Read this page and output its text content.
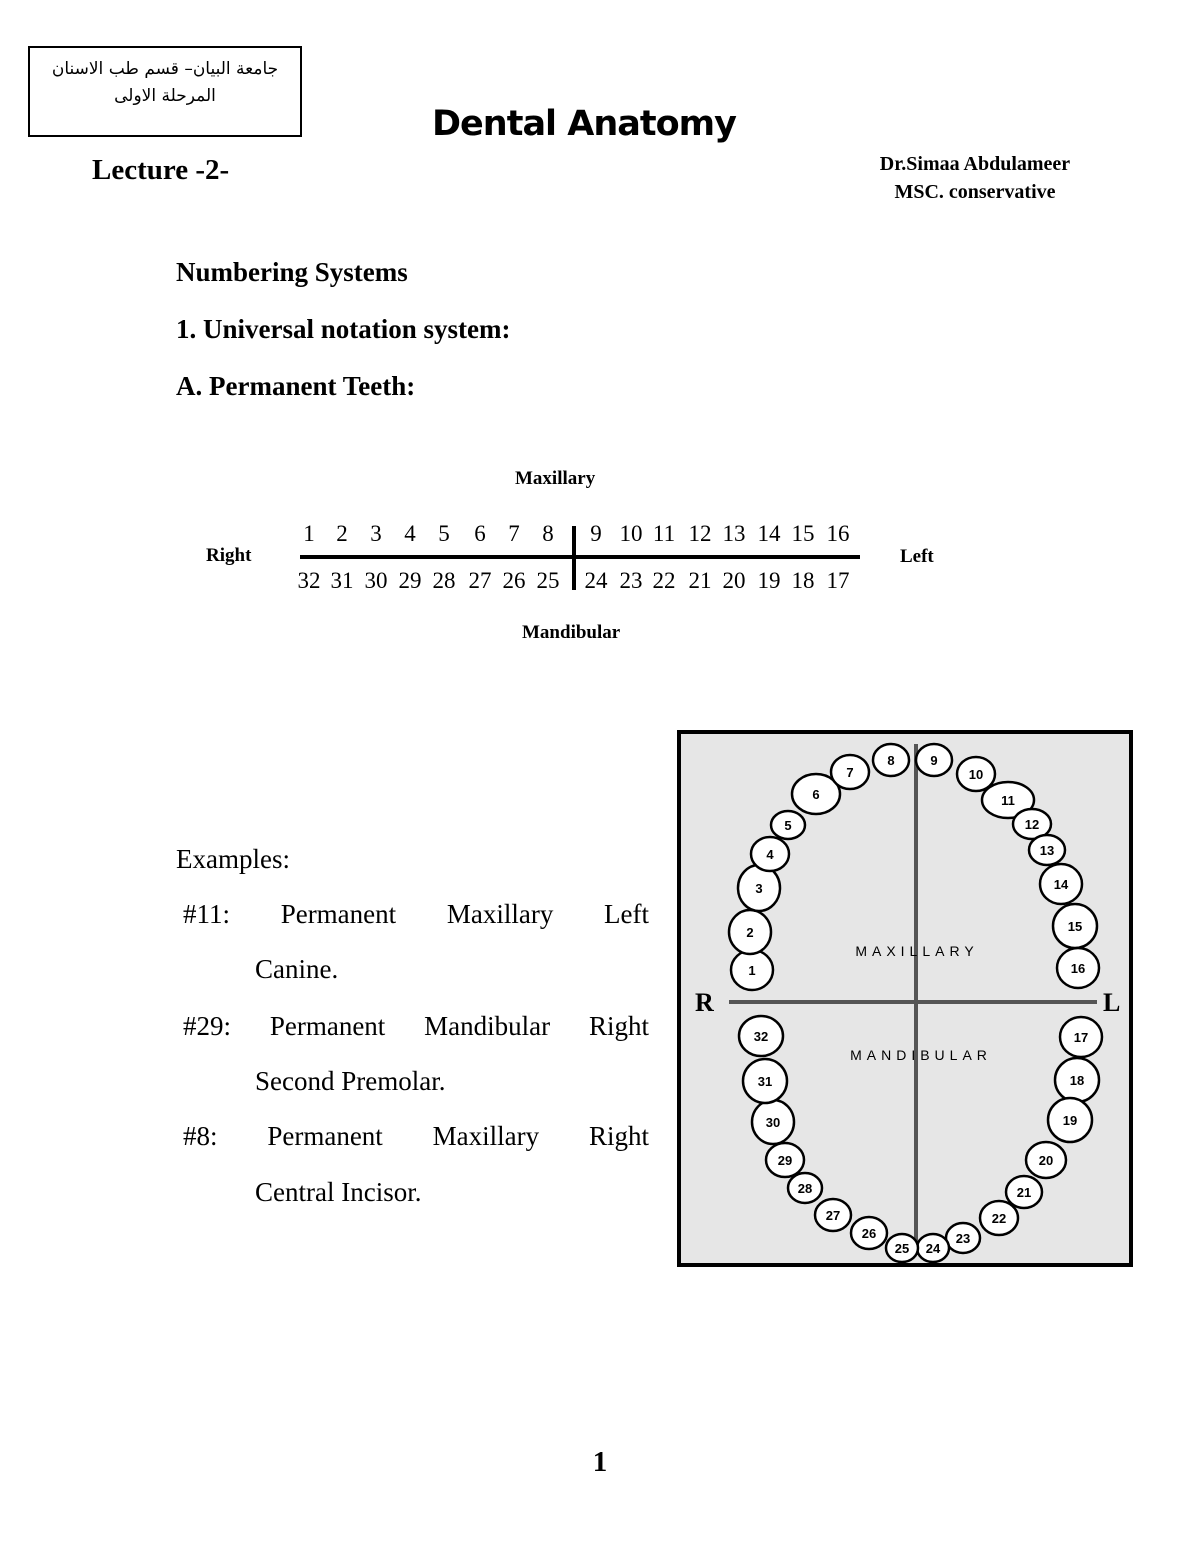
جامعة البيان– قسم طب الاسنان
المرحلة الاولى
Dental Anatomy
Lecture -2-	Dr.Simaa Abdulameer
MSC. conservative
Numbering Systems
1. Universal notation system:
A. Permanent Teeth:
Maxillary
Right	Left
Mandibular
1 2 3 4 5	6 7 8	9 10 11 12 13 14 15 16
32 31 30 29 28 27 26 25	24 23 22 21 20 19 18 17
Examples:
#11: Permanent Maxillary Left
Canine.
#29: Permanent Mandibular Right
Second Premolar.
#8: Permanent Maxillary Right
Central Incisor.
R	L
MAXILLARY
MANDIBULAR
1
2
3
4
5
6
7
8	9
10
11
12
13
14
15
16
17
18
19
20
21
22
23
24
25
26
27
28
29
30
31
32
1
